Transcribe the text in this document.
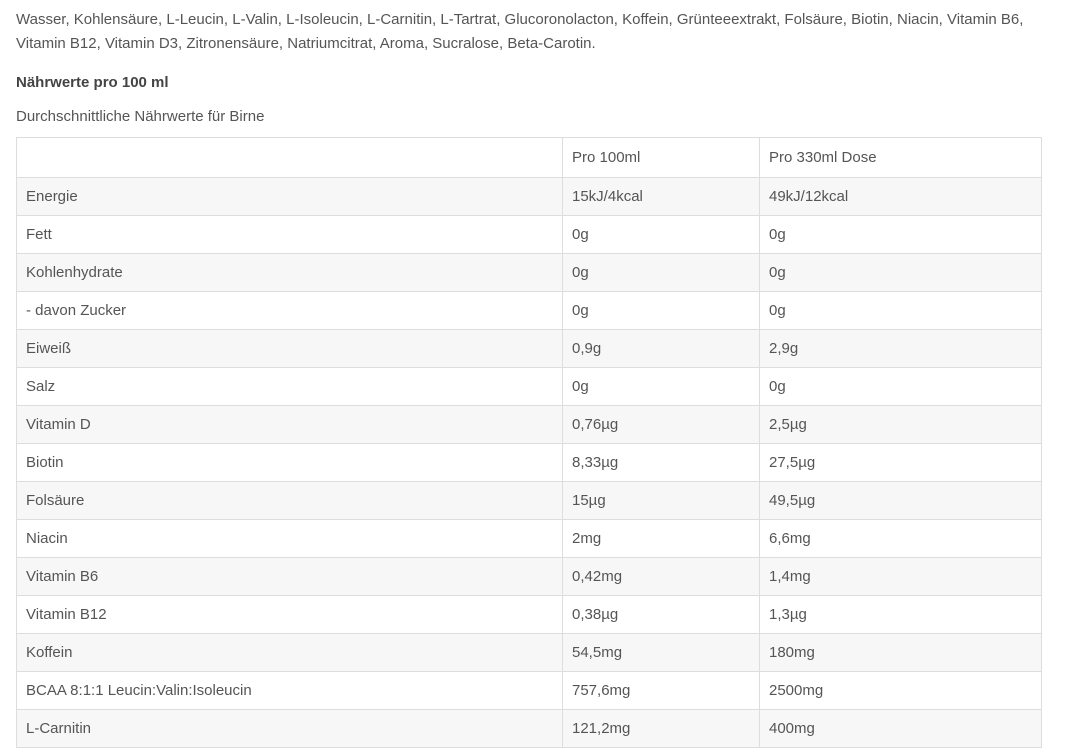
Wasser, Kohlensäure, L-Leucin, L-Valin, L-Isoleucin, L-Carnitin, L-Tartrat, Glucoronolacton, Koffein, Grünteeextrakt, Folsäure, Biotin, Niacin, Vitamin B6, Vitamin B12, Vitamin D3, Zitronensäure, Natriumcitrat, Aroma, Sucralose, Beta-Carotin.

Nährwerte pro 100 ml

Durchschnittliche Nährwerte für Birne

	Pro 100ml	Pro 330ml Dose
Energie	15kJ/4kcal	49kJ/12kcal
Fett	0g	0g
Kohlenhydrate	0g	0g
- davon Zucker	0g	0g
Eiweiß	0,9g	2,9g
Salz	0g	0g
Vitamin D	0,76µg	2,5µg
Biotin	8,33µg	27,5µg
Folsäure	15µg	49,5µg
Niacin	2mg	6,6mg
Vitamin B6	0,42mg	1,4mg
Vitamin B12	0,38µg	1,3µg
Koffein	54,5mg	180mg
BCAA 8:1:1 Leucin:Valin:Isoleucin	757,6mg	2500mg
L-Carnitin	121,2mg	400mg
